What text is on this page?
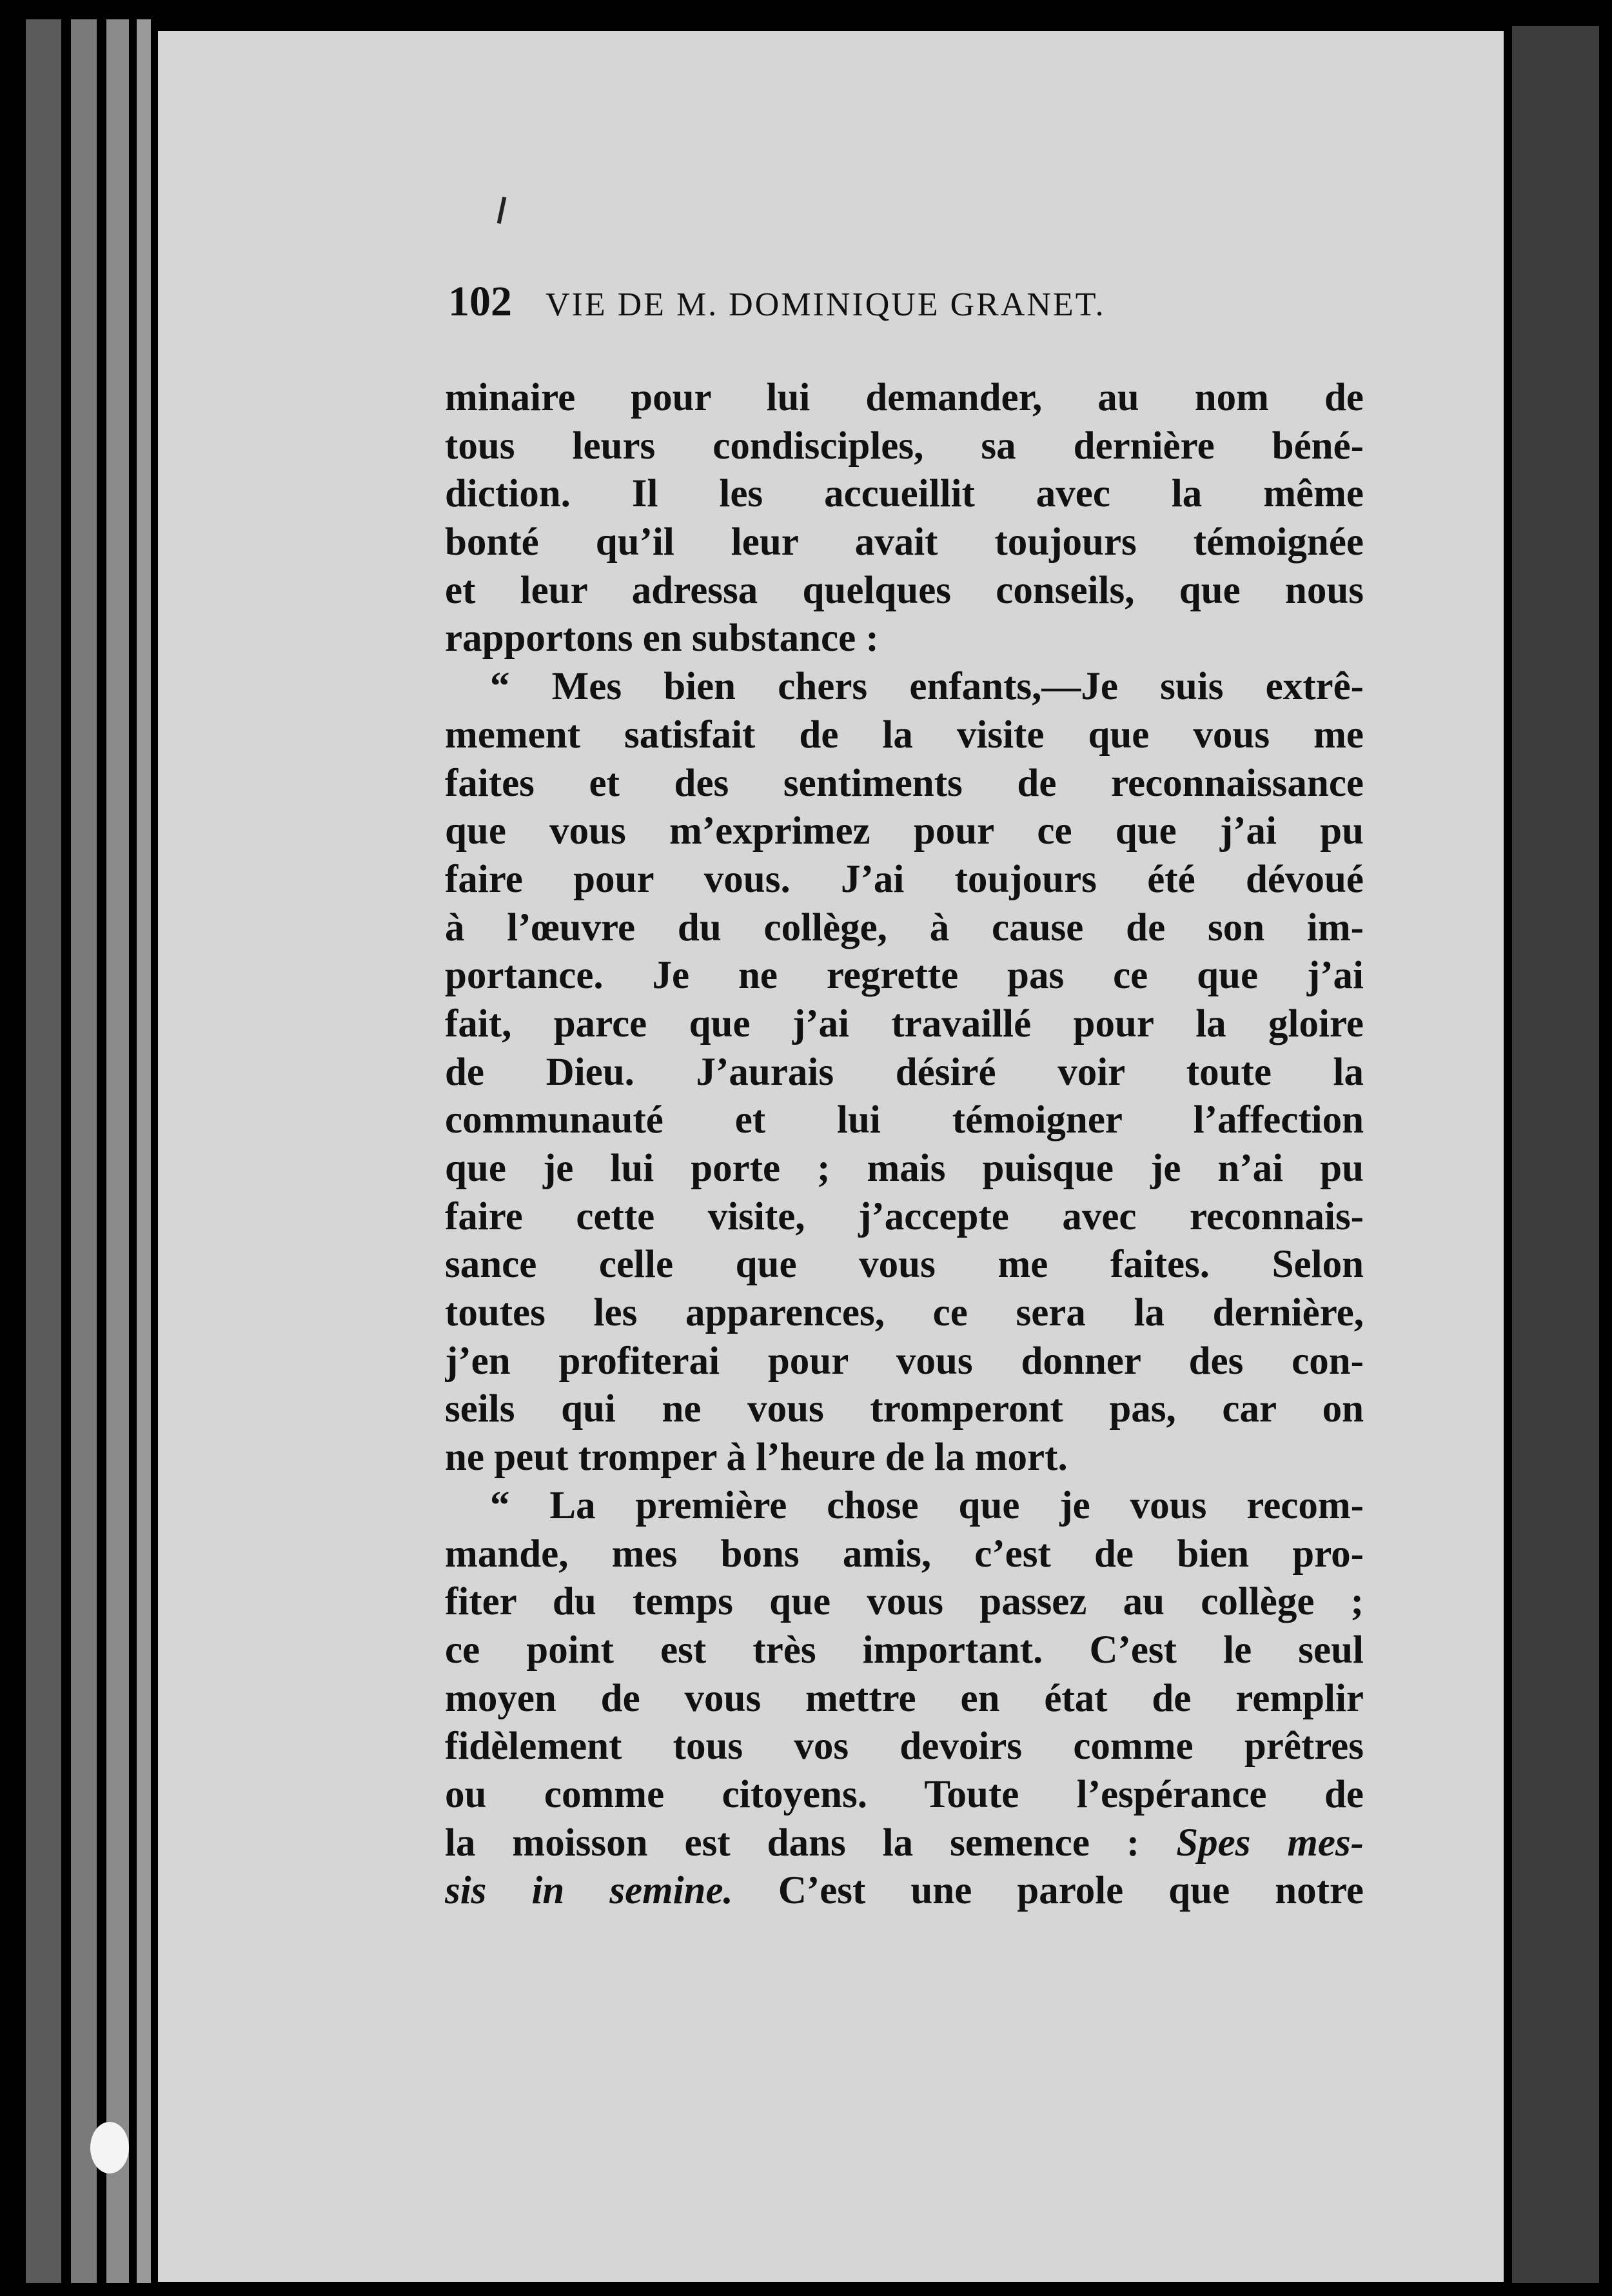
102 VIE DE M. DOMINIQUE GRANET.
minaire pour lui demander, au nom de
tous leurs condisciples, sa dernière béné-
diction. Il les accueillit avec la même
bonté qu’il leur avait toujours témoignée
et leur adressa quelques conseils, que nous
rapportons en substance :
“ Mes bien chers enfants,—Je suis extrê-
mement satisfait de la visite que vous me
faites et des sentiments de reconnaissance
que vous m’exprimez pour ce que j’ai pu
faire pour vous. J’ai toujours été dévoué
à l’œuvre du collège, à cause de son im-
portance. Je ne regrette pas ce que j’ai
fait, parce que j’ai travaillé pour la gloire
de Dieu. J’aurais désiré voir toute la
communauté et lui témoigner l’affection
que je lui porte ; mais puisque je n’ai pu
faire cette visite, j’accepte avec reconnais-
sance celle que vous me faites. Selon
toutes les apparences, ce sera la dernière,
j’en profiterai pour vous donner des con-
seils qui ne vous tromperont pas, car on
ne peut tromper à l’heure de la mort.
“ La première chose que je vous recom-
mande, mes bons amis, c’est de bien pro-
fiter du temps que vous passez au collège ;
ce point est très important. C’est le seul
moyen de vous mettre en état de remplir
fidèlement tous vos devoirs comme prêtres
ou comme citoyens. Toute l’espérance de
la moisson est dans la semence : Spes mes-
sis in semine. C’est une parole que notre
